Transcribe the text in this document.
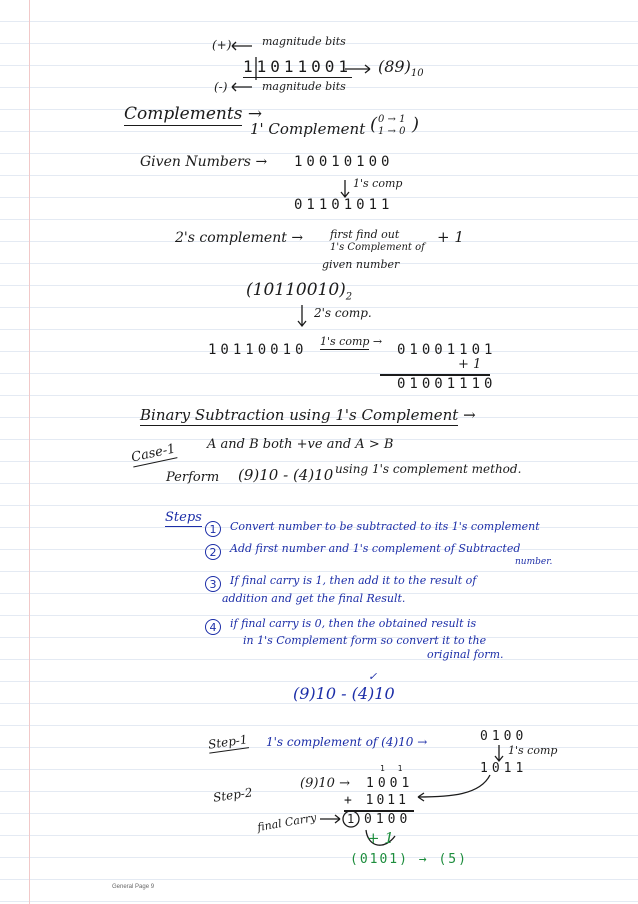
(+)	magnitude bits
11011001 $(89)_{10}$
(-)	magnitude bits
Complements →
1' Complement ( 0 → 1
1 → 0 )
Given Numbers → 10010100
1's comp
01101011
2's complement → first find out
1's Complement of
given number
+ 1
$(10110010)_2$
2's comp.
10110010
1's comp →
01001101
+ 1
01001110
Binary Subtraction using 1's Complement →
Case-1 A and B both +ve and A > B
Perform (9)10 - (4)10 using 1's complement method.
Steps
1	Convert number to be subtracted to its 1's complement
2	Add first number and 1's complement of Subtracted
number.
3	If final carry is 1, then add it to the result of
addition and get the final Result.
4	if final carry is 0, then the obtained result is
in 1's Complement form so convert it to the
original form.
✓
(9)10 - (4)10
Step-1 1's complement of (4)10 →	0100
1's comp
1011
Step-2
(9)10 →
1 1
1001
+ 1011
final Carry 1 0100
+ 1
(0101) → (5)
General Page 9
